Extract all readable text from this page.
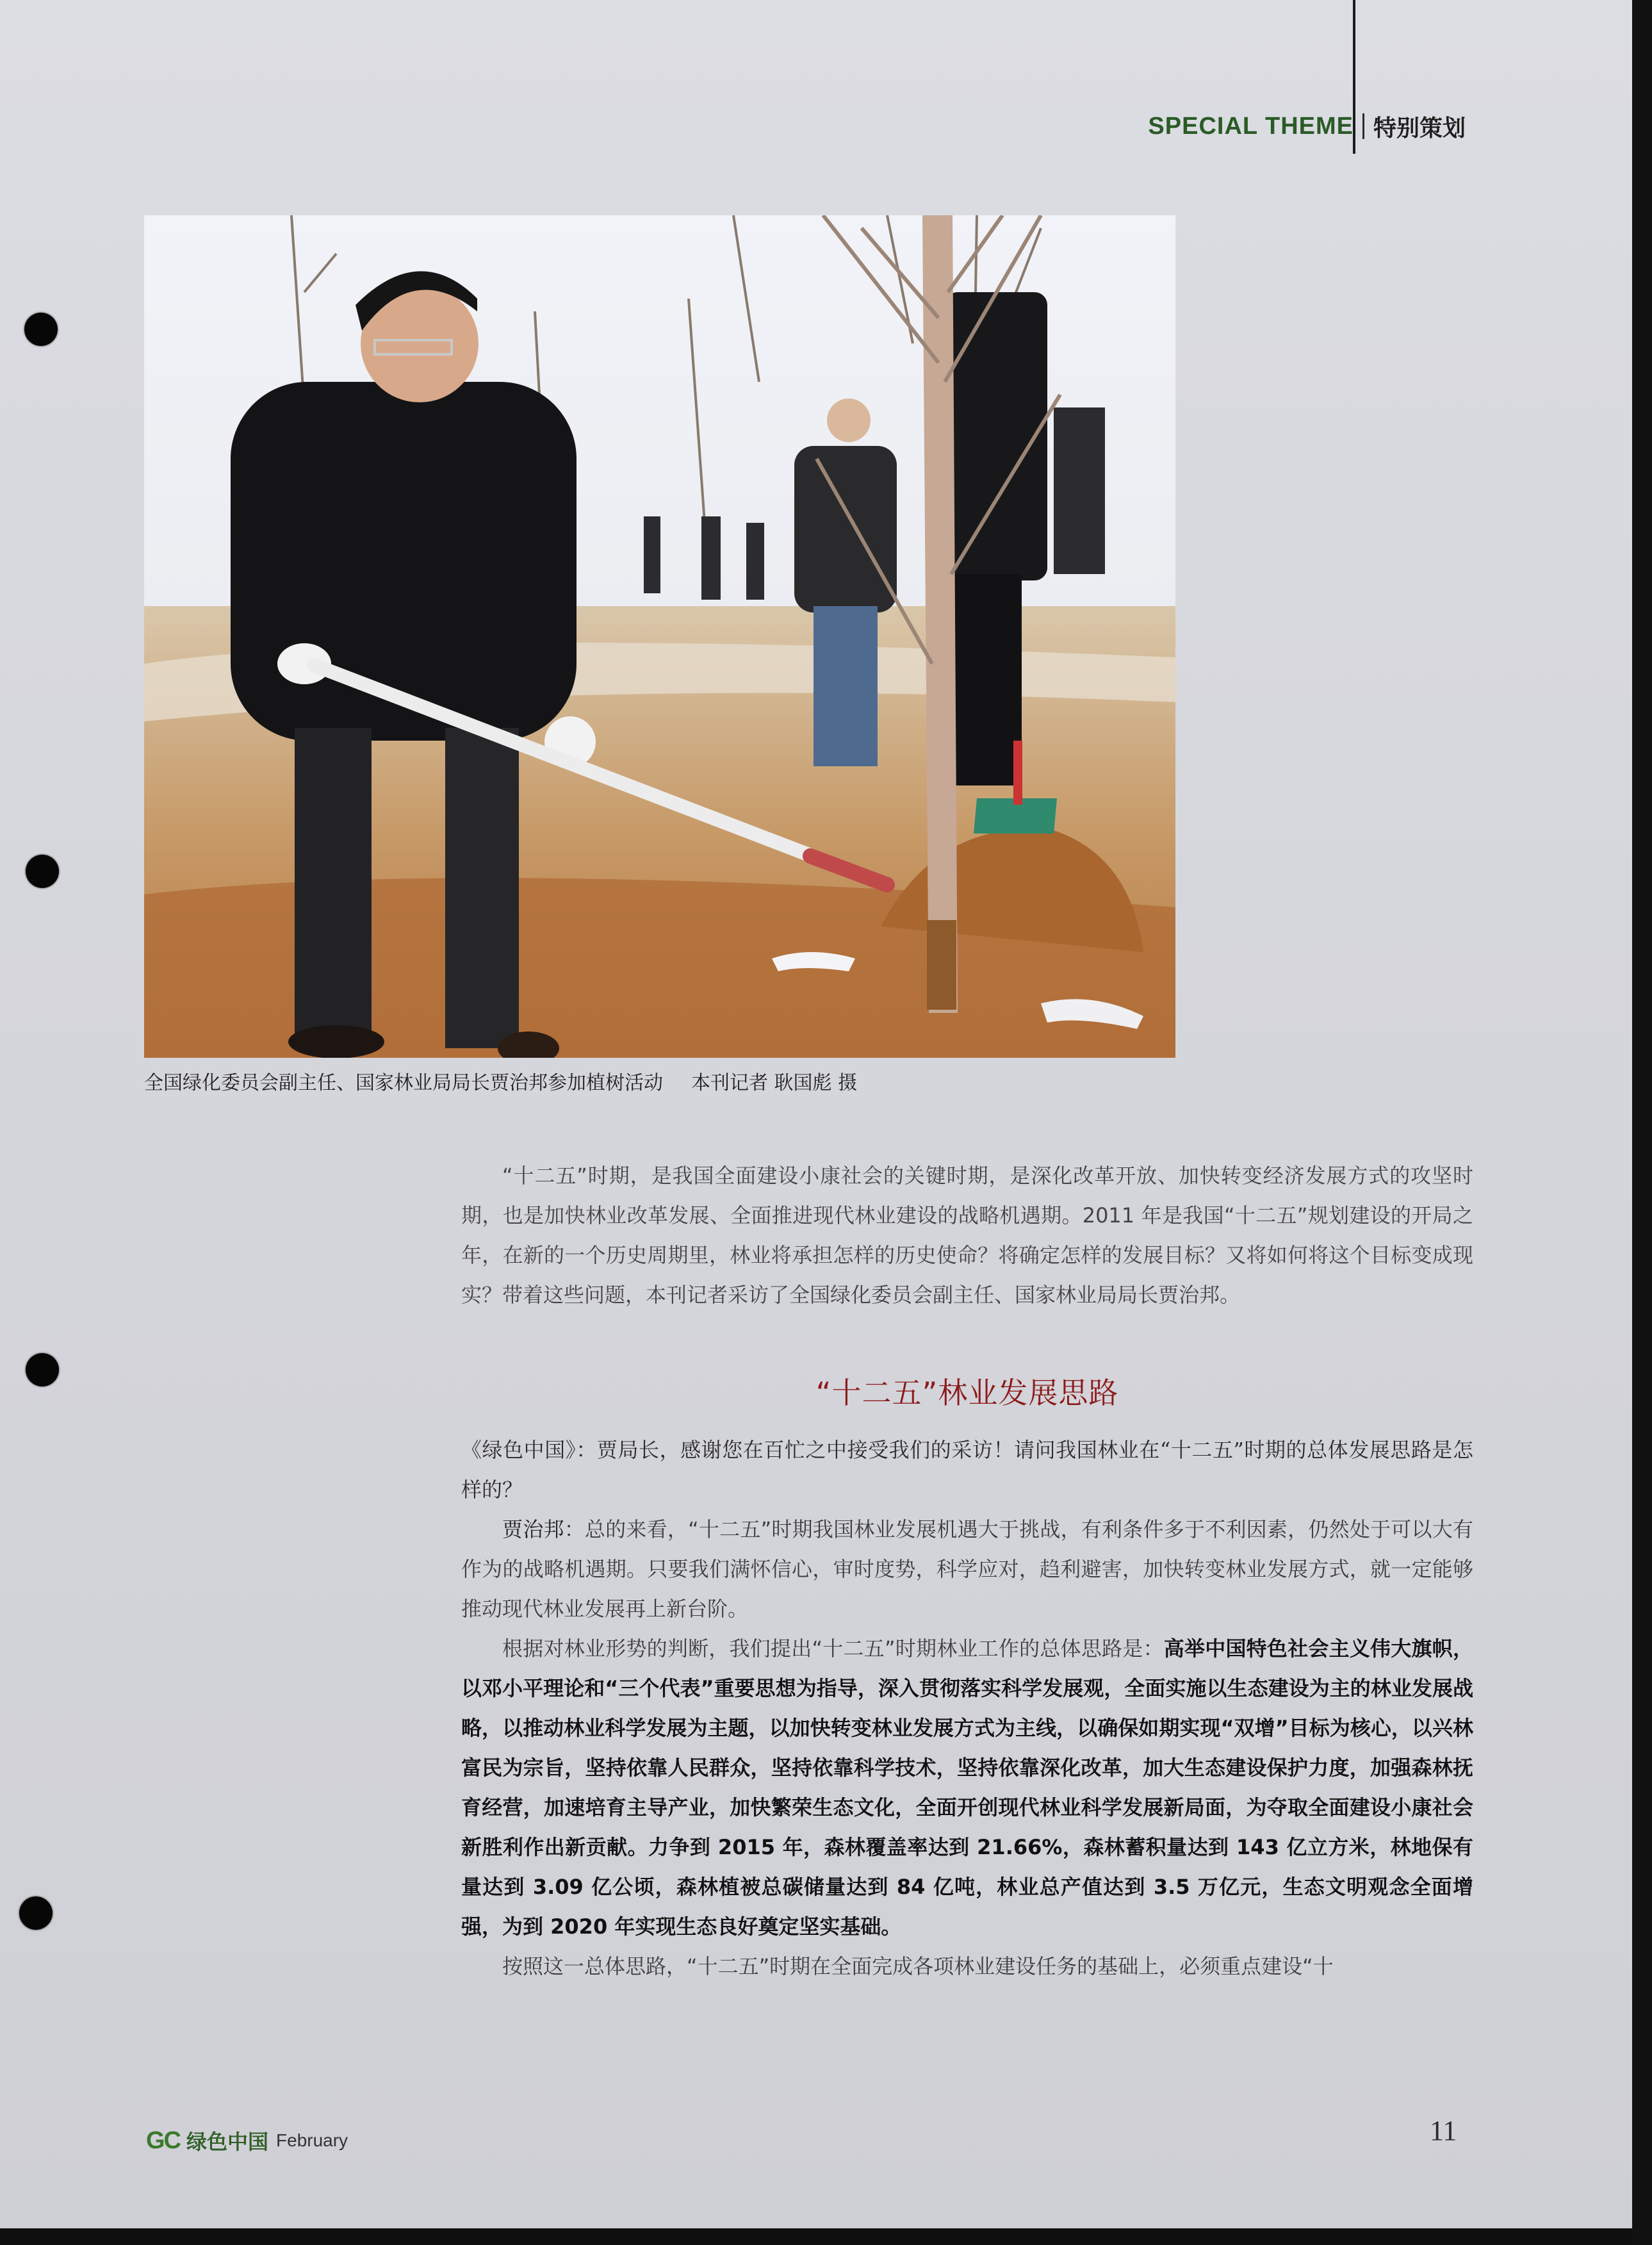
SPECIAL THEME 特别策划
全国绿化委员会副主任、国家林业局局长贾治邦参加植树活动 本刊记者 耿国彪 摄

“十二五”时期，是我国全面建设小康社会的关键时期，是深化改革开放、加快转变经济发展方式的攻坚时期，也是加快林业改革发展、全面推进现代林业建设的战略机遇期。2011 年是我国“十二五”规划建设的开局之年，在新的一个历史周期里，林业将承担怎样的历史使命？将确定怎样的发展目标？又将如何将这个目标变成现实？带着这些问题，本刊记者采访了全国绿化委员会副主任、国家林业局局长贾治邦。

“十二五”林业发展思路

《绿色中国》：贾局长，感谢您在百忙之中接受我们的采访！请问我国林业在“十二五”时期的总体发展思路是怎样的？

贾治邦：总的来看，“十二五”时期我国林业发展机遇大于挑战，有利条件多于不利因素，仍然处于可以大有作为的战略机遇期。只要我们满怀信心，审时度势，科学应对，趋利避害，加快转变林业发展方式，就一定能够推动现代林业发展再上新台阶。

根据对林业形势的判断，我们提出“十二五”时期林业工作的总体思路是：高举中国特色社会主义伟大旗帜，以邓小平理论和“三个代表”重要思想为指导，深入贯彻落实科学发展观，全面实施以生态建设为主的林业发展战略，以推动林业科学发展为主题，以加快转变林业发展方式为主线，以确保如期实现“双增”目标为核心，以兴林富民为宗旨，坚持依靠人民群众，坚持依靠科学技术，坚持依靠深化改革，加大生态建设保护力度，加强森林抚育经营，加速培育主导产业，加快繁荣生态文化，全面开创现代林业科学发展新局面，为夺取全面建设小康社会新胜利作出新贡献。力争到 2015 年，森林覆盖率达到 21.66%，森林蓄积量达到 143 亿立方米，林地保有量达到 3.09 亿公顷，森林植被总碳储量达到 84 亿吨，林业总产值达到 3.5 万亿元，生态文明观念全面增强，为到 2020 年实现生态良好奠定坚实基础。

按照这一总体思路，“十二五”时期在全面完成各项林业建设任务的基础上，必须重点建设“十

GC 绿色中国 February	11
